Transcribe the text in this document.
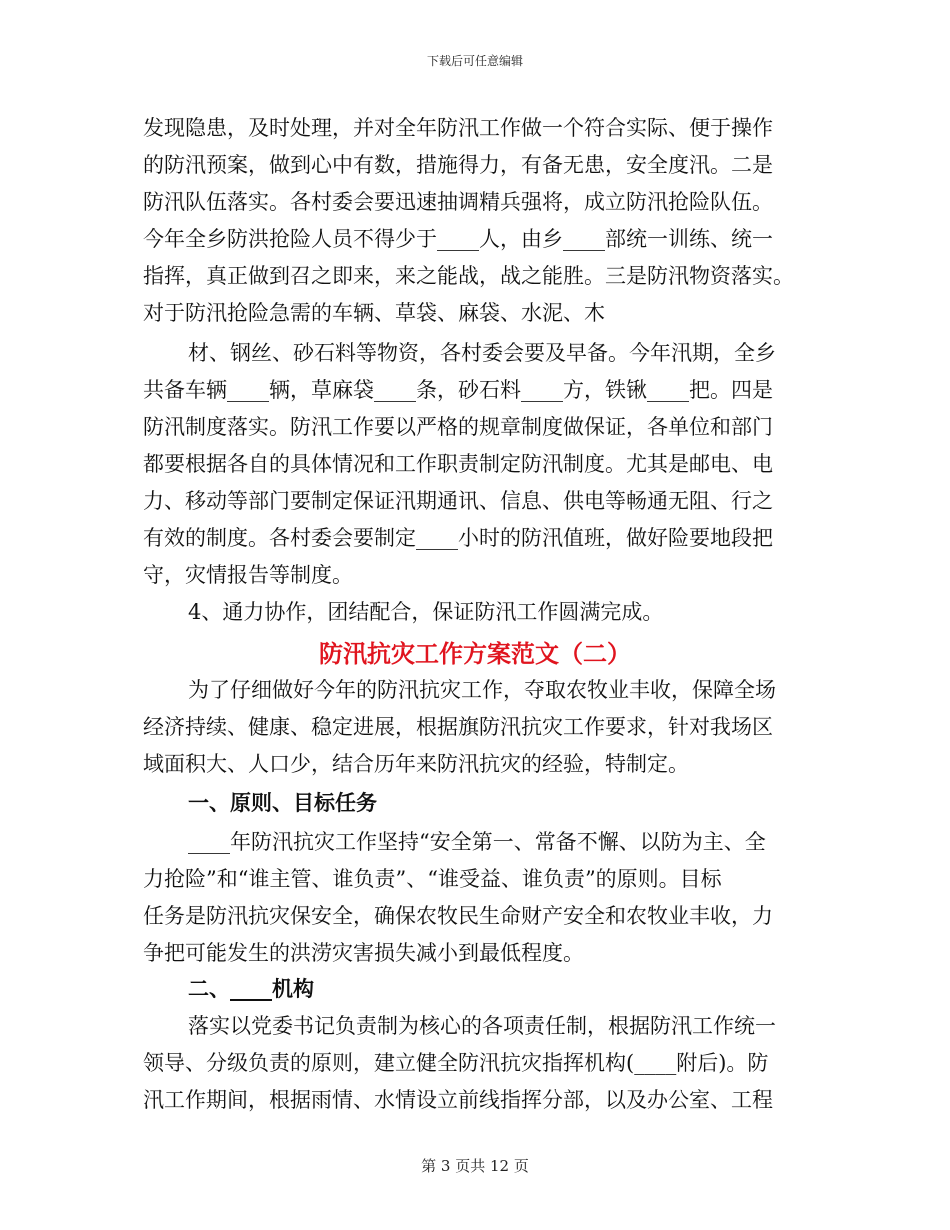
下载后可任意编辑
发现隐患，及时处理，并对全年防汛工作做一个符合实际、便于操作
的防汛预案，做到心中有数，措施得力，有备无患，安全度汛。二是
防汛队伍落实。各村委会要迅速抽调精兵强将，成立防汛抢险队伍。
今年全乡防洪抢险人员不得少于____人，由乡____部统一训练、统一
指挥，真正做到召之即来，来之能战，战之能胜。三是防汛物资落实。
对于防汛抢险急需的车辆、草袋、麻袋、水泥、木
材、钢丝、砂石料等物资，各村委会要及早备。今年汛期，全乡
共备车辆____辆，草麻袋____条，砂石料____方，铁锹____把。四是
防汛制度落实。防汛工作要以严格的规章制度做保证，各单位和部门
都要根据各自的具体情况和工作职责制定防汛制度。尤其是邮电、电
力、移动等部门要制定保证汛期通讯、信息、供电等畅通无阻、行之
有效的制度。各村委会要制定____小时的防汛值班，做好险要地段把
守，灾情报告等制度。
4、通力协作，团结配合，保证防汛工作圆满完成。
防汛抗灾工作方案范文（二）
为了仔细做好今年的防汛抗灾工作，夺取农牧业丰收，保障全场
经济持续、健康、稳定进展，根据旗防汛抗灾工作要求，针对我场区
域面积大、人口少，结合历年来防汛抗灾的经验，特制定。
一、原则、目标任务
____年防汛抗灾工作坚持“安全第一、常备不懈、以防为主、全
力抢险”和“谁主管、谁负责”、“谁受益、谁负责”的原则。目标
任务是防汛抗灾保安全，确保农牧民生命财产安全和农牧业丰收，力
争把可能发生的洪涝灾害损失减小到最低程度。
二、____机构
落实以党委书记负责制为核心的各项责任制，根据防汛工作统一
领导、分级负责的原则，建立健全防汛抗灾指挥机构(____附后)。防
汛工作期间，根据雨情、水情设立前线指挥分部，以及办公室、工程
第 3 页共 12 页
